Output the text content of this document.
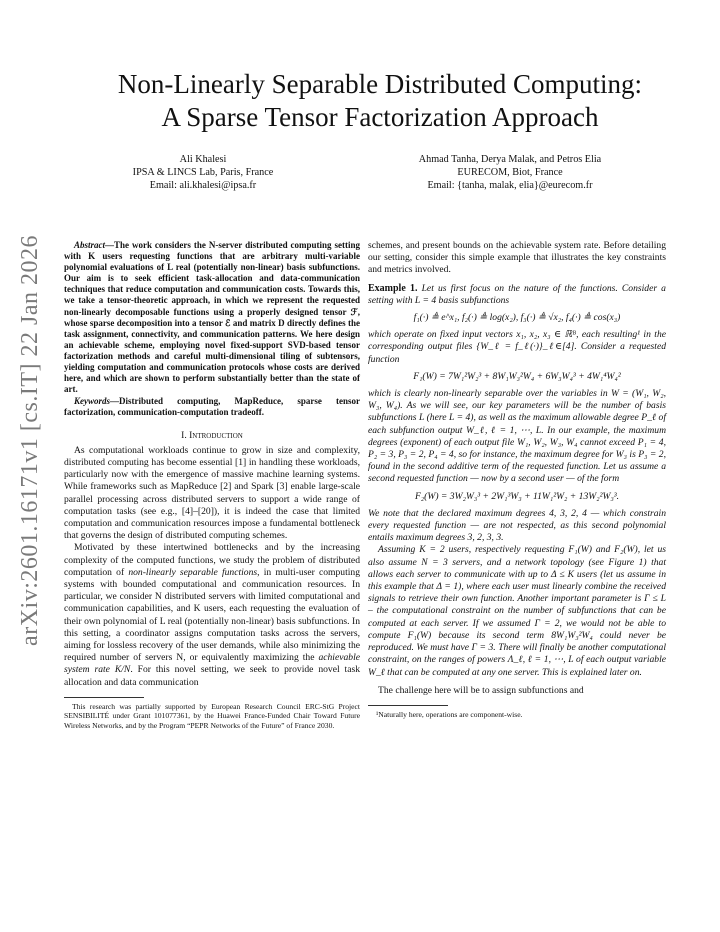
arXiv:2601.16171v1 [cs.IT] 22 Jan 2026
Non-Linearly Separable Distributed Computing:
A Sparse Tensor Factorization Approach
Ali Khalesi
IPSA & LINCS Lab, Paris, France
Email: ali.khalesi@ipsa.fr
Ahmad Tanha, Derya Malak, and Petros Elia
EURECOM, Biot, France
Email: {tanha, malak, elia}@eurecom.fr

Abstract—The work considers the N-server distributed computing setting with K users requesting functions that are arbitrary multi-variable polynomial evaluations of L real (potentially non-linear) basis subfunctions. Our aim is to seek efficient task-allocation and data-communication techniques that reduce computation and communication costs. Towards this, we take a tensor-theoretic approach, in which we represent the requested non-linearly decomposable functions using a properly designed tensor ℱ, whose sparse decomposition into a tensor ℰ and matrix D directly defines the task assignment, connectivity, and communication patterns. We here design an achievable scheme, employing novel fixed-support SVD-based tensor factorization methods and careful multi-dimensional tiling of subtensors, yielding computation and communication protocols whose costs are derived here, and which are shown to perform substantially better than the state of art.

Keywords—Distributed computing, MapReduce, sparse tensor factorization, communication-computation tradeoff.

I. Introduction

As computational workloads continue to grow in size and complexity, distributed computing has become essential [1] in handling these workloads, particularly now with the emergence of massive machine learning systems. While frameworks such as MapReduce [2] and Spark [3] enable large-scale parallel processing across distributed servers to support a wide range of computation tasks (see e.g., [4]–[20]), it is indeed the case that limited computation and communication resources impose a fundamental bottleneck that governs the design of distributed computing schemes.

Motivated by these intertwined bottlenecks and by the increasing complexity of the computed functions, we study the problem of distributed computation of non-linearly separable functions, in multi-user computing systems with bounded computational and communication resources. In particular, we consider N distributed servers with limited computational and communication capabilities, and K users, each requesting the evaluation of their own polynomial of L real (potentially non-linear) basis subfunctions. In this setting, a coordinator assigns computation tasks across the servers, aiming for lossless recovery of the user demands, while also minimizing the required number of servers N, or equivalently maximizing the achievable system rate K/N. For this novel setting, we seek to provide novel task allocation and data communication

This research was partially supported by European Research Council ERC-StG Project SENSIBILITÉ under Grant 101077361, by the Huawei France-Funded Chair Toward Future Wireless Networks, and by the Program “PEPR Networks of the Future” of France 2030.

schemes, and present bounds on the achievable system rate. Before detailing our setting, consider this simple example that illustrates the key constraints and metrics involved.

Example 1. Let us first focus on the nature of the functions. Consider a setting with L = 4 basis subfunctions

f₁(·) ≜ e^x₁, f₂(·) ≜ log(x₂), f₃(·) ≜ √x₂, f₄(·) ≜ cos(x₃)

which operate on fixed input vectors x₁, x₂, x₃ ∈ ℝᴮ, each resulting¹ in the corresponding output files {W_ℓ = f_ℓ(·)}_ℓ∈[4]. Consider a requested function

F₁(W) = 7W₁²W₂³ + 8W₁W₃²W₄ + 6W₃W₄³ + 4W₁⁴W₄²

which is clearly non-linearly separable over the variables in W = (W₁, W₂, W₃, W₄). As we will see, our key parameters will be the number of basis subfunctions L (here L = 4), as well as the maximum allowable degree P_ℓ of each subfunction output W_ℓ, ℓ = 1, ⋯, L. In our example, the maximum degrees (exponent) of each output file W₁, W₂, W₃, W₄ cannot exceed P₁ = 4, P₂ = 3, P₃ = 2, P₄ = 4, so for instance, the maximum degree for W₃ is P₃ = 2, found in the second additive term of the requested function. Let us assume a second requested function — now by a second user — of the form

F₂(W) = 3W₂W₃³ + 2W₁³W₃ + 11W₁²W₂ + 13W₂²W₃³.

We note that the declared maximum degrees 4, 3, 2, 4 — which constrain every requested function — are not respected, as this second polynomial entails maximum degrees 3, 2, 3, 3.

Assuming K = 2 users, respectively requesting F₁(W) and F₂(W), let us also assume N = 3 servers, and a network topology (see Figure 1) that allows each server to communicate with up to Δ ≤ K users (let us assume in this example that Δ = 1), where each user must linearly combine the received signals to retrieve their own function. Another important parameter is Γ ≤ L – the computational constraint on the number of subfunctions that can be computed at each server. If we assumed Γ = 2, we would not be able to compute F₁(W) because its second term 8W₁W₃²W₄ could never be reproduced. We must have Γ = 3. There will finally be another computational constraint, on the ranges of powers Λ_ℓ, ℓ = 1, ⋯, L of each output variable W_ℓ that can be computed at any one server. This is explained later on.

The challenge here will be to assign subfunctions and

¹Naturally here, operations are component-wise.
